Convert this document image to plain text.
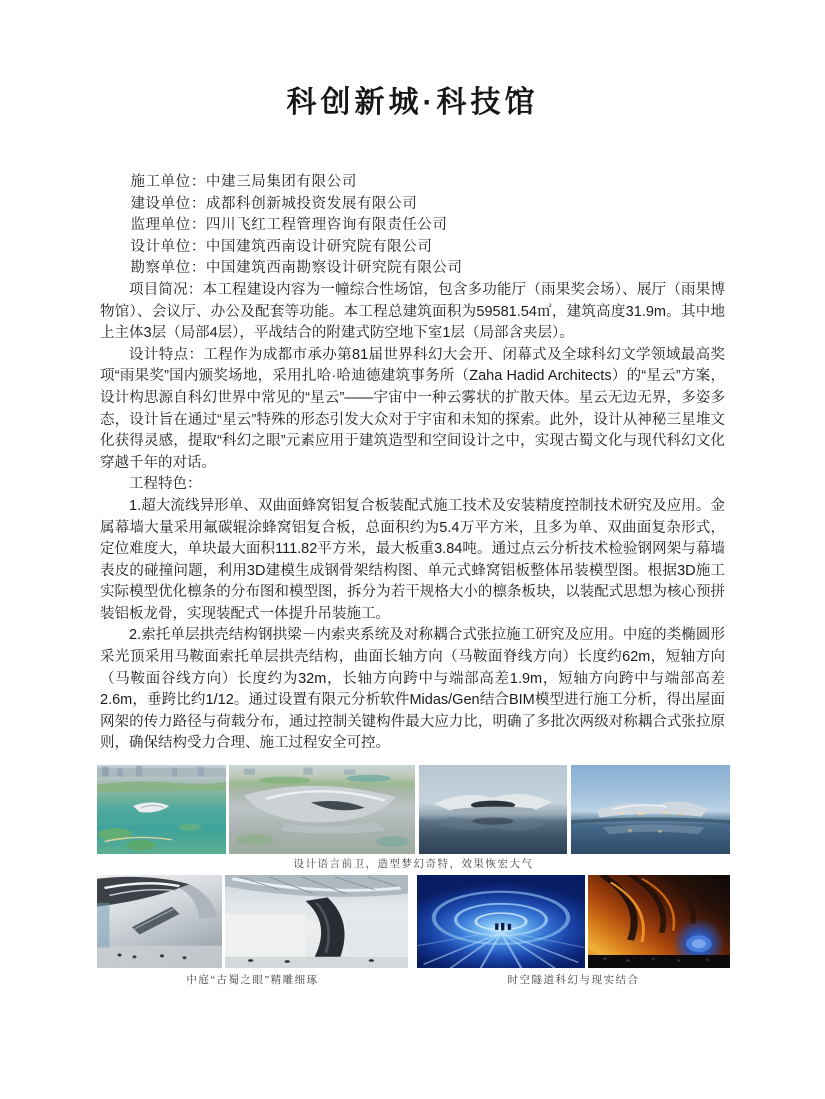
科创新城·科技馆
施工单位：中建三局集团有限公司
建设单位：成都科创新城投资发展有限公司
监理单位：四川飞红工程管理咨询有限责任公司
设计单位：中国建筑西南设计研究院有限公司
勘察单位：中国建筑西南勘察设计研究院有限公司

项目简况：本工程建设内容为一幢综合性场馆，包含多功能厅（雨果奖会场）、展厅（雨果博物馆）、会议厅、办公及配套等功能。本工程总建筑面积为59581.54㎡，建筑高度31.9m。其中地上主体3层（局部4层），平战结合的附建式防空地下室1层（局部含夹层）。

设计特点：工程作为成都市承办第81届世界科幻大会开、闭幕式及全球科幻文学领域最高奖项“雨果奖”国内颁奖场地，采用扎哈·哈迪德建筑事务所（Zaha Hadid Architects）的“星云”方案，设计构思源自科幻世界中常见的“星云”——宇宙中一种云雾状的扩散天体。星云无边无界，多姿多态，设计旨在通过“星云”特殊的形态引发大众对于宇宙和未知的探索。此外，设计从神秘三星堆文化获得灵感，提取“科幻之眼”元素应用于建筑造型和空间设计之中，实现古蜀文化与现代科幻文化穿越千年的对话。

工程特色：

1.超大流线异形单、双曲面蜂窝铝复合板装配式施工技术及安装精度控制技术研究及应用。金属幕墙大量采用氟碳辊涂蜂窝铝复合板，总面积约为5.4万平方米，且多为单、双曲面复杂形式，定位难度大，单块最大面积111.82平方米，最大板重3.84吨。通过点云分析技术检验钢网架与幕墙表皮的碰撞问题，利用3D建模生成钢骨架结构图、单元式蜂窝铝板整体吊装模型图。根据3D施工实际模型优化檩条的分布图和模型图，拆分为若干规格大小的檩条板块，以装配式思想为核心预拼装铝板龙骨，实现装配式一体提升吊装施工。

2.索托单层拱壳结构钢拱梁－内索夹系统及对称耦合式张拉施工研究及应用。中庭的类椭圆形采光顶采用马鞍面索托单层拱壳结构，曲面长轴方向（马鞍面脊线方向）长度约62m，短轴方向（马鞍面谷线方向）长度约为32m，长轴方向跨中与端部高差1.9m，短轴方向跨中与端部高差2.6m，垂跨比约1/12。通过设置有限元分析软件Midas/Gen结合BIM模型进行施工分析，得出屋面网架的传力路径与荷载分布，通过控制关键构件最大应力比，明确了多批次两级对称耦合式张拉原则，确保结构受力合理、施工过程安全可控。

设计语言前卫，造型梦幻奇特，效果恢宏大气
中庭“古蜀之眼”精雕细琢	时空隧道科幻与现实结合
